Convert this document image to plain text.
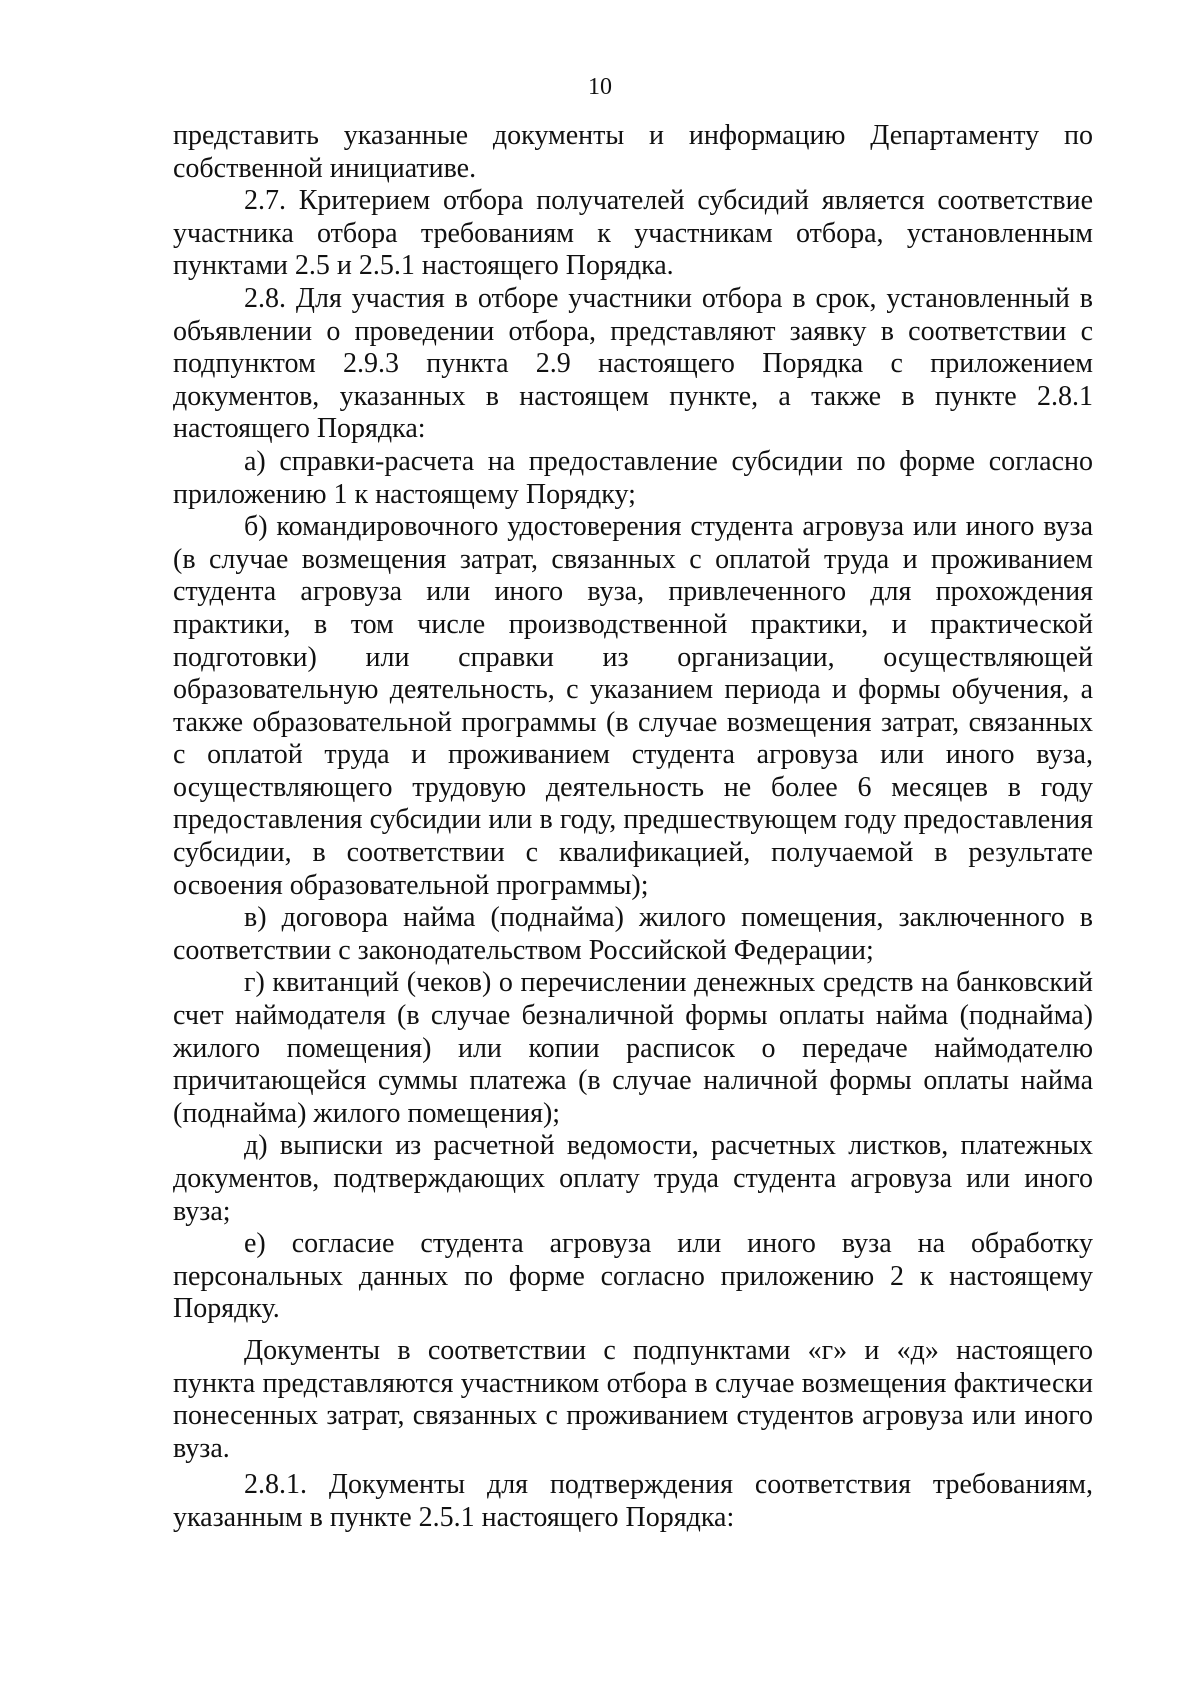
10

представить указанные документы и информацию Департаменту по собственной инициативе.

2.7. Критерием отбора получателей субсидий является соответствие участника отбора требованиям к участникам отбора, установленным пунктами 2.5 и 2.5.1 настоящего Порядка.

2.8. Для участия в отборе участники отбора в срок, установленный в объявлении о проведении отбора, представляют заявку в соответствии с подпунктом 2.9.3 пункта 2.9 настоящего Порядка с приложением документов, указанных в настоящем пункте, а также в пункте 2.8.1 настоящего Порядка:

а) справки-расчета на предоставление субсидии по форме согласно приложению 1 к настоящему Порядку;

б) командировочного удостоверения студента агровуза или иного вуза (в случае возмещения затрат, связанных с оплатой труда и проживанием студента агровуза или иного вуза, привлеченного для прохождения практики, в том числе производственной практики, и практической подготовки) или справки из организации, осуществляющей образовательную деятельность, с указанием периода и формы обучения, а также образовательной программы (в случае возмещения затрат, связанных с оплатой труда и проживанием студента агровуза или иного вуза, осуществляющего трудовую деятельность не более 6 месяцев в году предоставления субсидии или в году, предшествующем году предоставления субсидии, в соответствии с квалификацией, получаемой в результате освоения образовательной программы);

в) договора найма (поднайма) жилого помещения, заключенного в соответствии с законодательством Российской Федерации;

г) квитанций (чеков) о перечислении денежных средств на банковский счет наймодателя (в случае безналичной формы оплаты найма (поднайма) жилого помещения) или копии расписок о передаче наймодателю причитающейся суммы платежа (в случае наличной формы оплаты найма (поднайма) жилого помещения);

д) выписки из расчетной ведомости, расчетных листков, платежных документов, подтверждающих оплату труда студента агровуза или иного вуза;

е) согласие студента агровуза или иного вуза на обработку персональных данных по форме согласно приложению 2 к настоящему Порядку.

Документы в соответствии с подпунктами «г» и «д» настоящего пункта представляются участником отбора в случае возмещения фактически понесенных затрат, связанных с проживанием студентов агровуза или иного вуза.

2.8.1. Документы для подтверждения соответствия требованиям, указанным в пункте 2.5.1 настоящего Порядка:
